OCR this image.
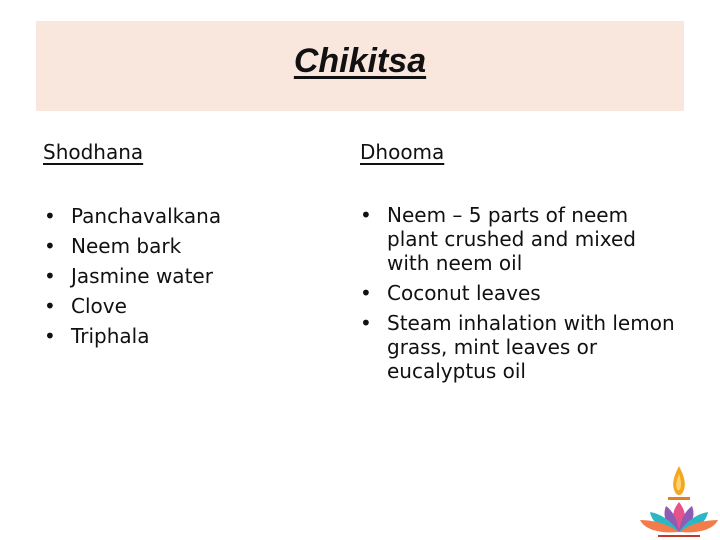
Chikitsa
Shodhana
• Panchavalkana
• Neem bark
• Jasmine water
• Clove
• Triphala
Dhooma
• Neem – 5 parts of neem plant crushed and mixed with neem oil
• Coconut leaves
• Steam inhalation with lemon grass, mint leaves or eucalyptus oil
